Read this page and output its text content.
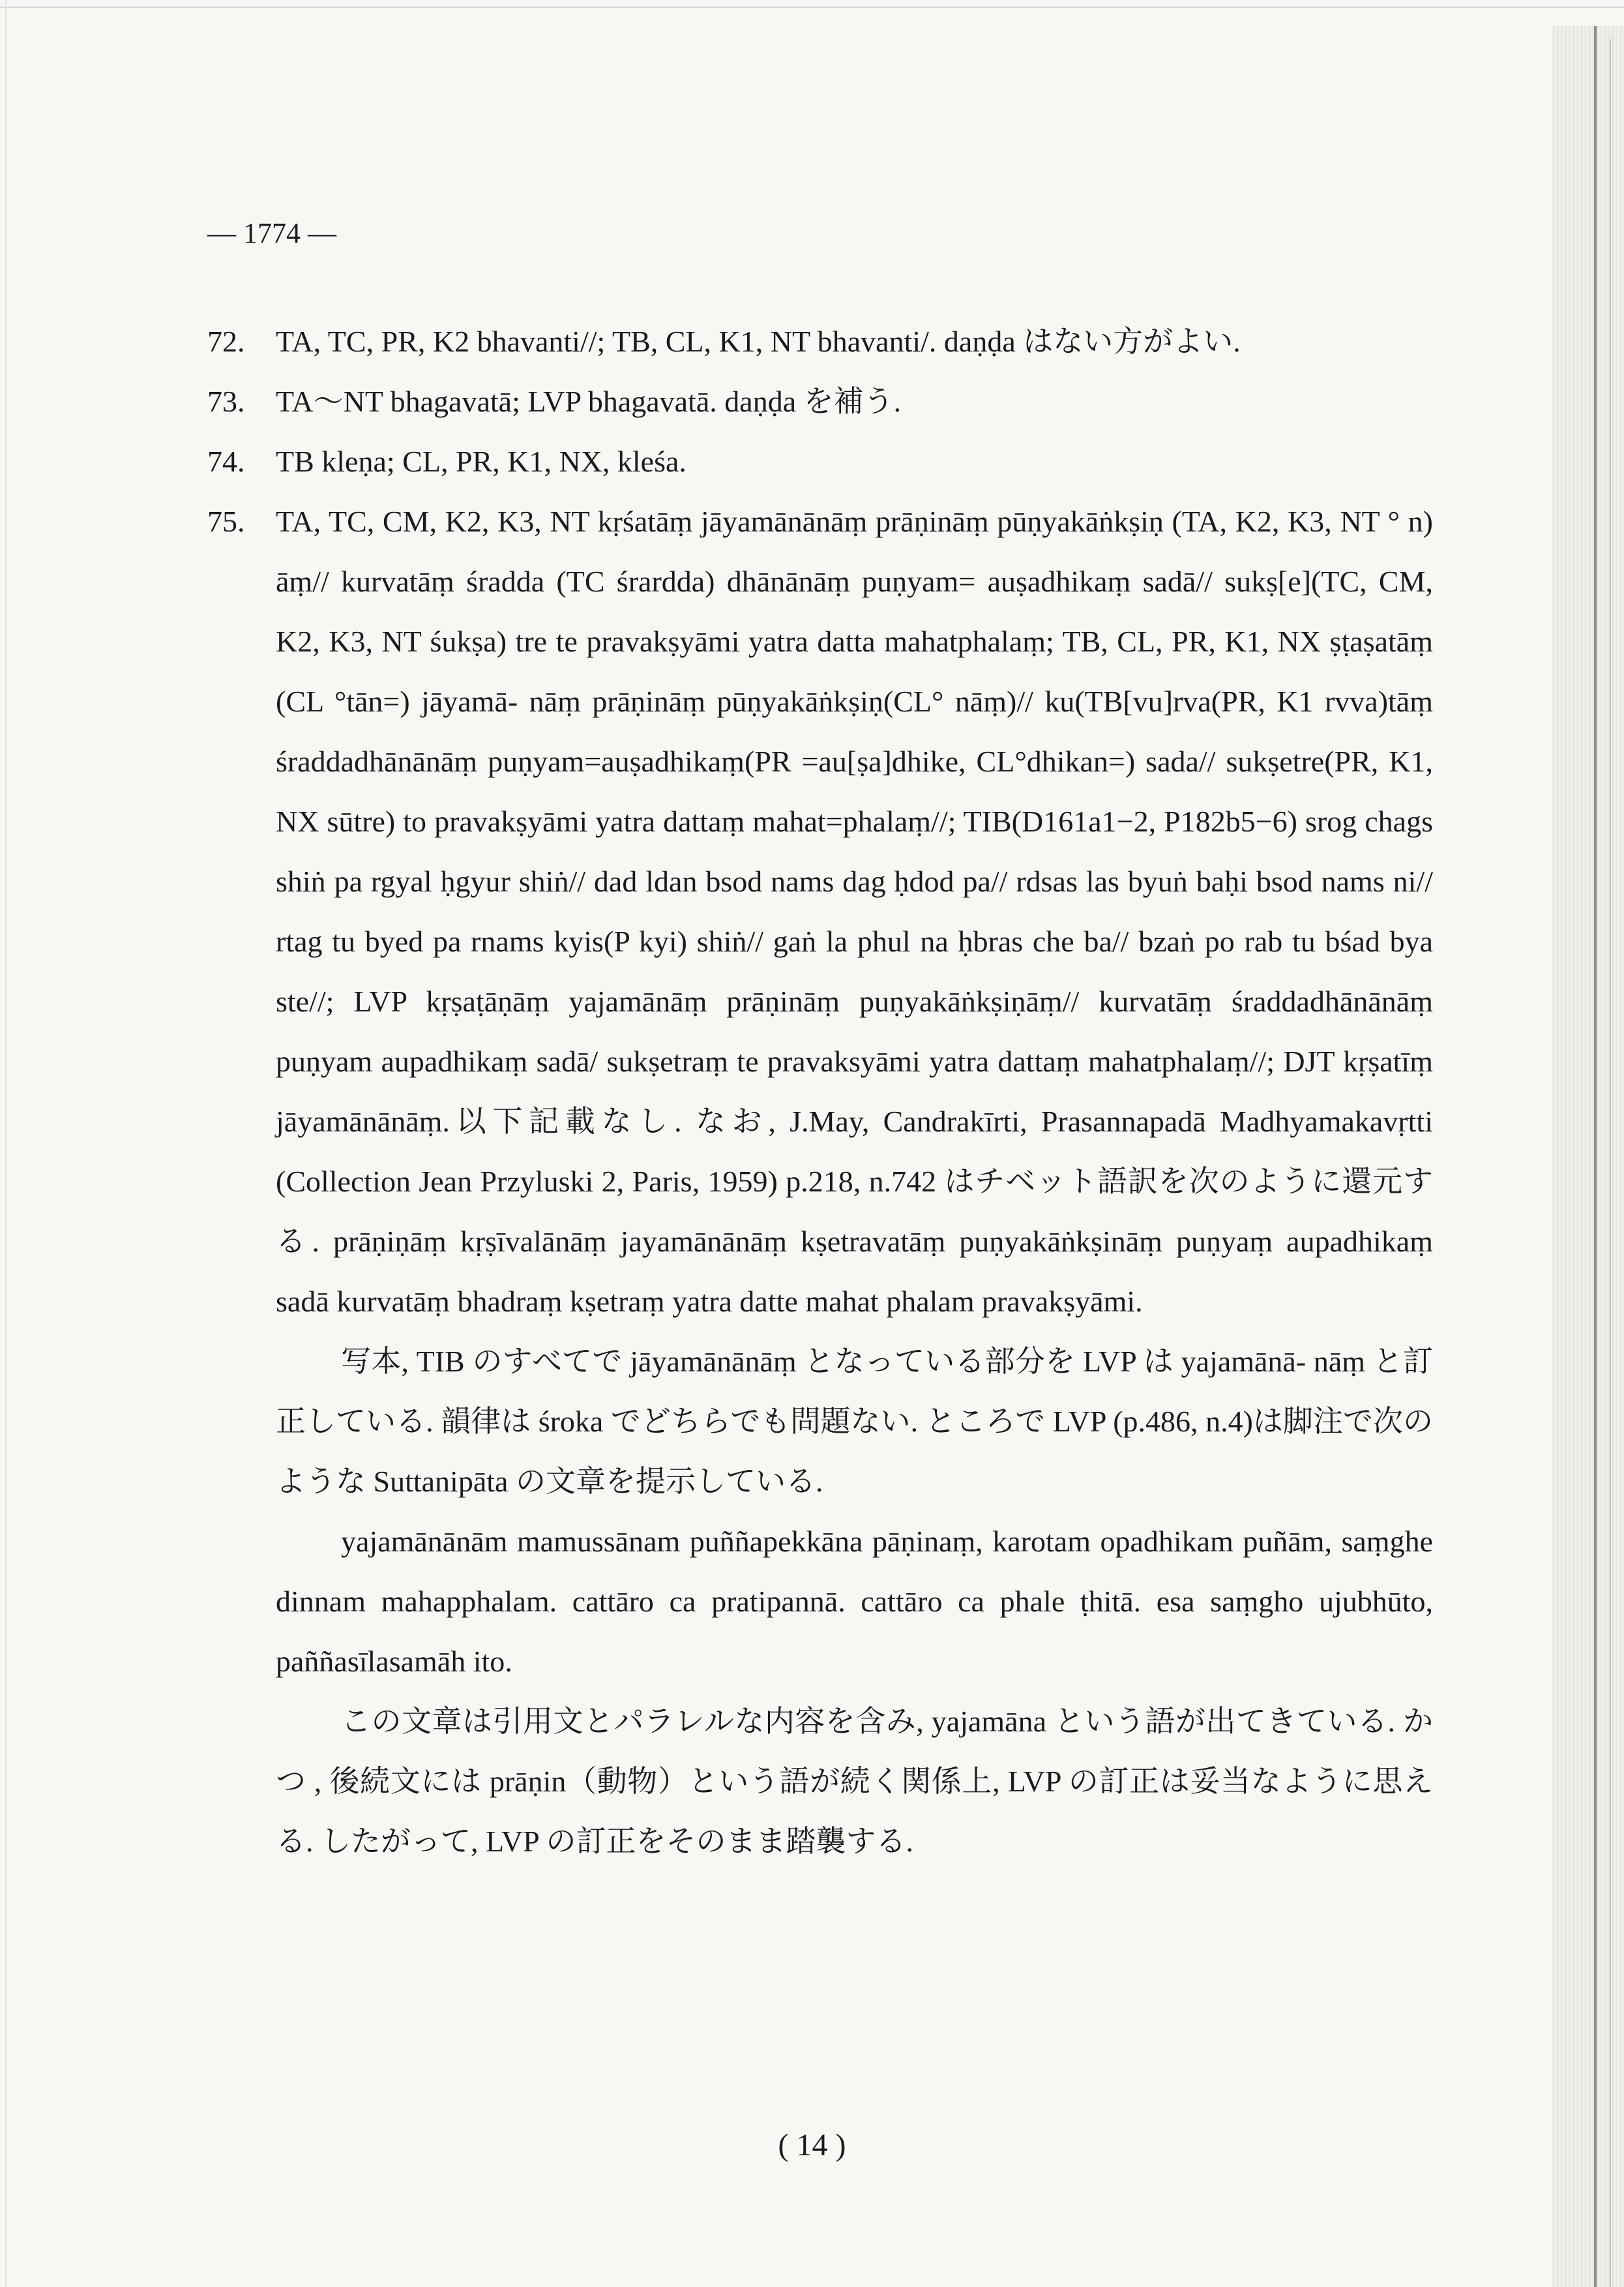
— 1774 —
72. TA, TC, PR, K2 bhavanti//; TB, CL, K1, NT bhavanti/. daṇḍa はない方がよい.
73. TA〜NT bhagavatā; LVP bhagavatā. daṇḍa を補う.
74. TB kleṇa; CL, PR, K1, NX, kleśa.
75. TA, TC, CM, K2, K3, NT kṛśatāṃ jāyamānānāṃ prāṇināṃ pūṇyakāṅkṣiṇ (TA, K2, K3, NT ° n) āṃ// kurvatāṃ śradda (TC śrardda) dhānānāṃ puṇyam= auṣadhikaṃ sadā// sukṣ[e](TC, CM, K2, K3, NT śukṣa) tre te pravakṣyāmi yatra datta mahatphalaṃ; TB, CL, PR, K1, NX ṣṭaṣatāṃ (CL °tān=) jāyamā- nāṃ prāṇināṃ pūṇyakāṅkṣiṇ(CL° nāṃ)// ku(TB[vu]rva(PR, K1 rvva)tāṃ śraddadhānānāṃ puṇyam=auṣadhikaṃ(PR =au[ṣa]dhike, CL°dhikan=) sada// sukṣetre(PR, K1, NX sūtre) to pravakṣyāmi yatra dattaṃ mahat=phalaṃ//; TIB(D161a1−2, P182b5−6) srog chags shiṅ pa rgyal ḥgyur shiṅ// dad ldan bsod nams dag ḥdod pa// rdsas las byuṅ baḥi bsod nams ni// rtag tu byed pa rnams kyis(P kyi) shiṅ// gaṅ la phul na ḥbras che ba// bzaṅ po rab tu bśad bya ste//; LVP kṛṣaṭāṇāṃ yajamānāṃ prāṇināṃ puṇyakāṅkṣiṇāṃ// kurvatāṃ śraddadhānānāṃ puṇyam aupadhikaṃ sadā/ sukṣetraṃ te pravaksyāmi yatra dattaṃ mahatphalaṃ//; DJT kṛṣatīṃ jāyamānānāṃ.以下記載なし. なお, J.May, Candrakīrti, Prasannapadā Madhyamakavṛtti (Collection Jean Przyluski 2, Paris, 1959) p.218, n.742 はチベット語訳を次のように還元する. prāṇiṇāṃ kṛṣīvalānāṃ jayamānānāṃ kṣetravatāṃ puṇyakāṅkṣināṃ puṇyaṃ aupadhikaṃ sadā kurvatāṃ bhadraṃ kṣetraṃ yatra datte mahat phalam pravakṣyāmi.
写本, TIB のすべてで jāyamānānāṃ となっている部分を LVP は yajamānā- nāṃ と訂正している. 韻律は śroka でどちらでも問題ない. ところで LVP (p.486, n.4)は脚注で次のような Suttanipāta の文章を提示している.
yajamānānām mamussānam puññapekkāna pāṇinaṃ, karotam opadhikam puñām, saṃghe dinnam mahapphalam. cattāro ca pratipannā. cattāro ca phale ṭhitā. esa saṃgho ujubhūto, paññasīlasamāh ito.
この文章は引用文とパラレルな内容を含み, yajamāna という語が出てきている. かつ , 後続文には prāṇin（動物）という語が続く関係上, LVP の訂正は妥当なように思える. したがって, LVP の訂正をそのまま踏襲する.
( 14 )
